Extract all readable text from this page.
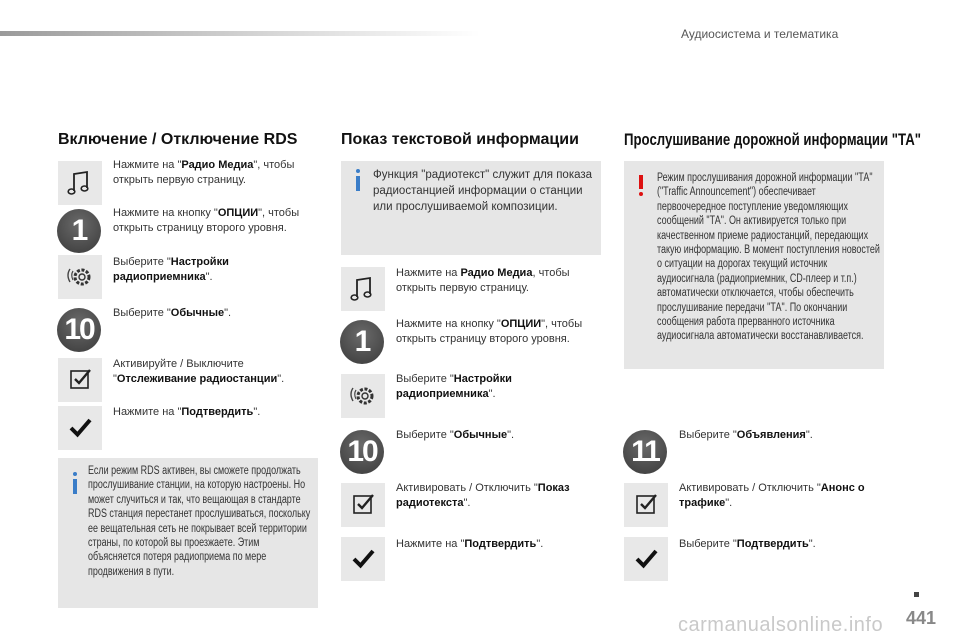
Аудиосистема и телематика
Включение / Отключение RDS
Нажмите на "Радио Медиа", чтобы открыть первую страницу.
1
Нажмите на кнопку "ОПЦИИ", чтобы открыть страницу второго уровня.
Выберите "Настройки радиоприемника".
10	Выберите "Обычные".
Активируйте / Выключите "Отслеживание радиостанции".
Нажмите на "Подтвердить".
Если режим RDS активен, вы сможете продолжать прослушивание станции, на которую настроены. Но может случиться и так, что вещающая в стандарте RDS станция перестанет прослушиваться, поскольку ее вещательная сеть не покрывает всей территории страны, по которой вы проезжаете. Этим объясняется потеря радиоприема по мере продвижения в пути.
Показ текстовой информации
Функция "радиотекст" служит для показа радиостанцией информации о станции или прослушиваемой композиции.
Нажмите на Радио Медиа, чтобы открыть первую страницу.
1
Нажмите на кнопку "ОПЦИИ", чтобы открыть страницу второго уровня.
Выберите "Настройки радиоприемника".
10	Выберите "Обычные".
Активировать / Отключить "Показ радиотекста".
Нажмите на "Подтвердить".
Прослушивание дорожной информации "ТА"
Режим прослушивания дорожной информации "ТА" ("Traffic Announcement") обеспечивает первоочередное поступление уведомляющих сообщений "ТА". Он активируется только при качественном приеме радиостанций, передающих такую информацию. В момент поступления новостей о ситуации на дорогах текущий источник аудиосигнала (радиоприемник, CD-плеер и т.п.) автоматически отключается, чтобы обеспечить прослушивание передачи "ТА". По окончании сообщения работа прерванного источника аудиосигнала автоматически восстанавливается.
11	Выберите "Объявления".
Активировать / Отключить "Анонс о трафике".
Выберите "Подтвердить".
carmanualsonline.info 441
